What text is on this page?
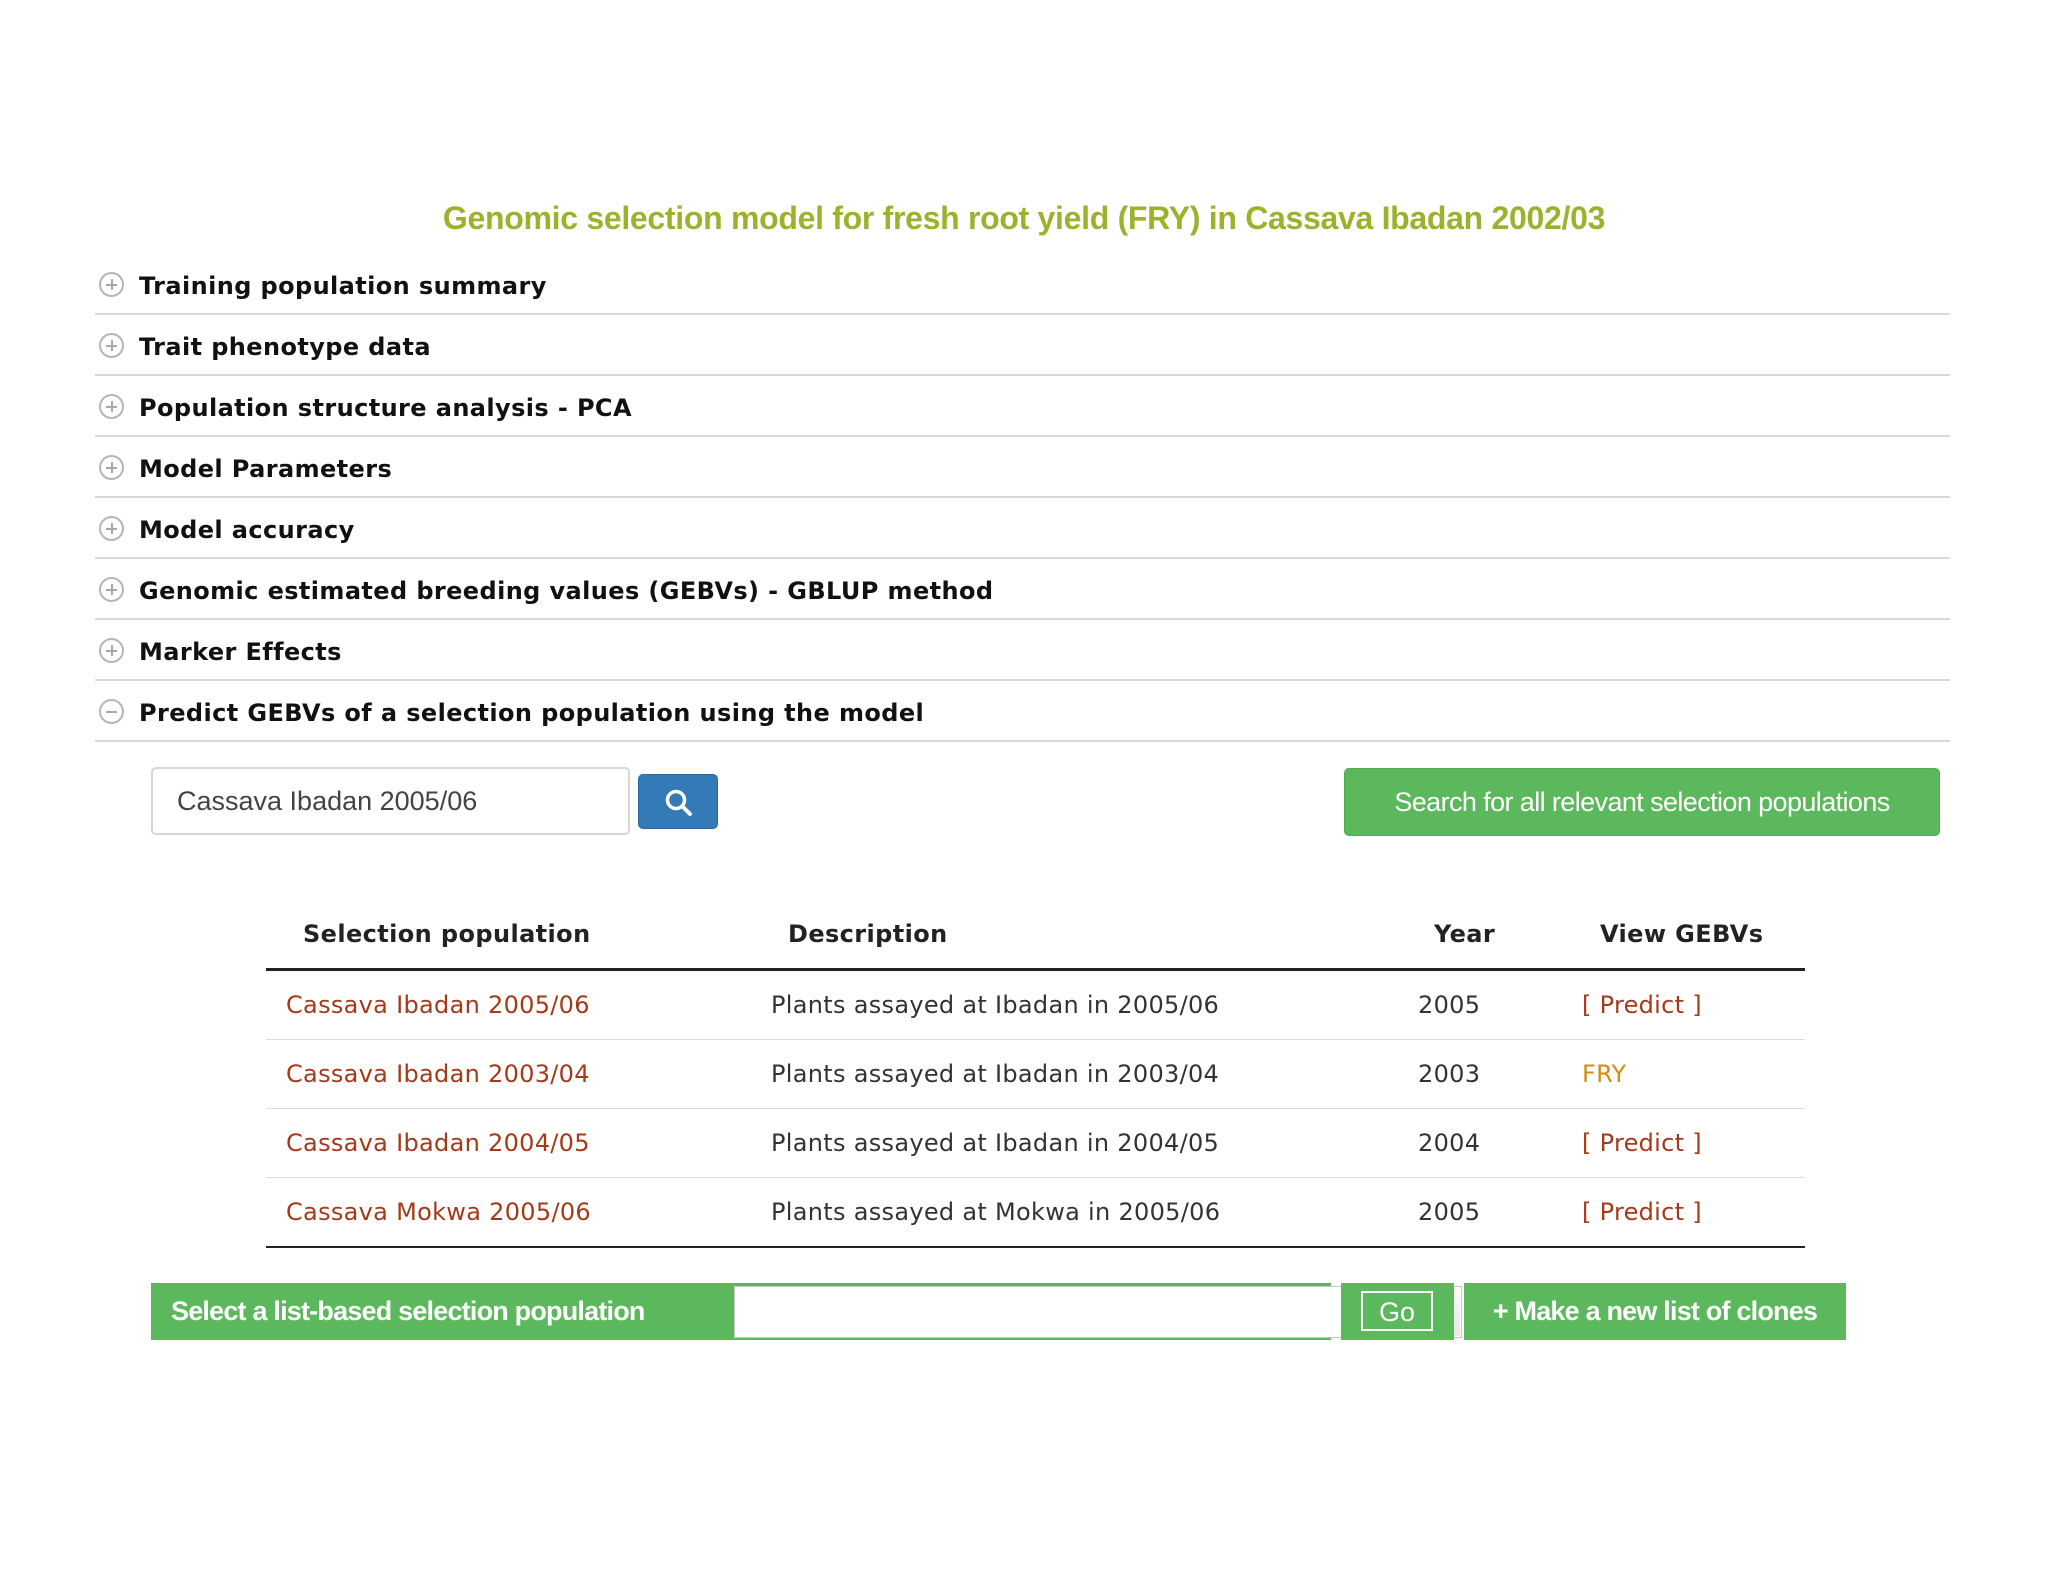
Genomic selection model for fresh root yield (FRY) in Cassava Ibadan 2002/03
Training population summary
Trait phenotype data
Population structure analysis - PCA
Model Parameters
Model accuracy
Genomic estimated breeding values (GEBVs) - GBLUP method
Marker Effects
Predict GEBVs of a selection population using the model
Cassava Ibadan 2005/06
Search for all relevant selection populations
Selection population	Description	Year	View GEBVs
Cassava Ibadan 2005/06	Plants assayed at Ibadan in 2005/06	2005	[ Predict ]
Cassava Ibadan 2003/04	Plants assayed at Ibadan in 2003/04	2003	FRY
Cassava Ibadan 2004/05	Plants assayed at Ibadan in 2004/05	2004	[ Predict ]
Cassava Mokwa 2005/06	Plants assayed at Mokwa in 2005/06	2005	[ Predict ]
Select a list-based selection population	Go	+ Make a new list of clones
